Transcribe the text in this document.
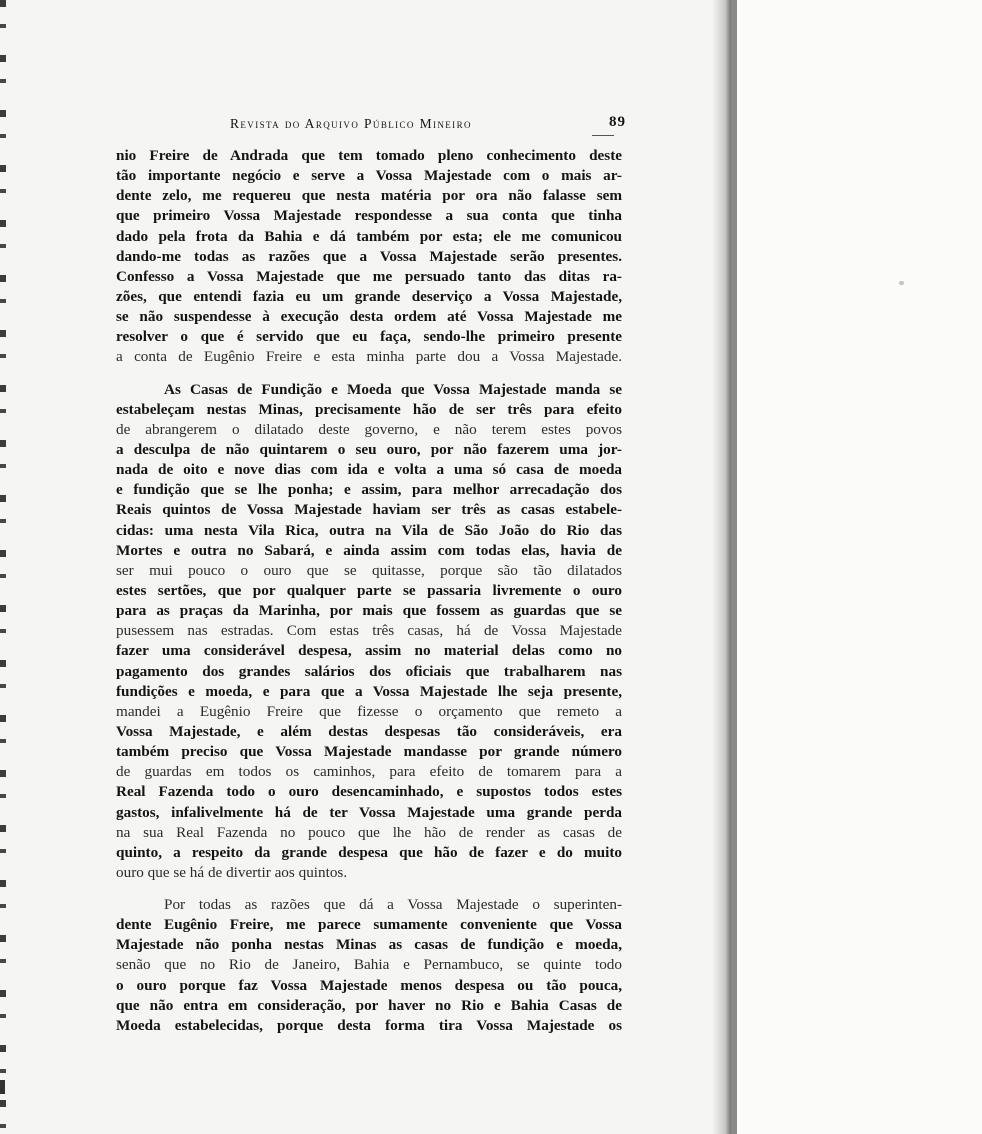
Revista do Arquivo Público Mineiro	89
nio Freire de Andrada que tem tomado pleno conhecimento deste
tão importante negócio e serve a Vossa Majestade com o mais ar-
dente zelo, me requereu que nesta matéria por ora não falasse sem
que primeiro Vossa Majestade respondesse a sua conta que tinha
dado pela frota da Bahia e dá também por esta; ele me comunicou
dando-me todas as razões que a Vossa Majestade serão presentes.
Confesso a Vossa Majestade que me persuado tanto das ditas ra-
zões, que entendi fazia eu um grande deserviço a Vossa Majestade,
se não suspendesse à execução desta ordem até Vossa Majestade me
resolver o que é servido que eu faça, sendo-lhe primeiro presente
a conta de Eugênio Freire e esta minha parte dou a Vossa Majestade.
As Casas de Fundição e Moeda que Vossa Majestade manda se
estabeleçam nestas Minas, precisamente hão de ser três para efeito
de abrangerem o dilatado deste governo, e não terem estes povos
a desculpa de não quintarem o seu ouro, por não fazerem uma jor-
nada de oito e nove dias com ida e volta a uma só casa de moeda
e fundição que se lhe ponha; e assim, para melhor arrecadação dos
Reais quintos de Vossa Majestade haviam ser três as casas estabele-
cidas: uma nesta Vila Rica, outra na Vila de São João do Rio das
Mortes e outra no Sabará, e ainda assim com todas elas, havia de
ser mui pouco o ouro que se quitasse, porque são tão dilatados
estes sertões, que por qualquer parte se passaria livremente o ouro
para as praças da Marinha, por mais que fossem as guardas que se
pusessem nas estradas. Com estas três casas, há de Vossa Majestade
fazer uma considerável despesa, assim no material delas como no
pagamento dos grandes salários dos oficiais que trabalharem nas
fundições e moeda, e para que a Vossa Majestade lhe seja presente,
mandei a Eugênio Freire que fizesse o orçamento que remeto a
Vossa Majestade, e além destas despesas tão consideráveis, era
também preciso que Vossa Majestade mandasse por grande número
de guardas em todos os caminhos, para efeito de tomarem para a
Real Fazenda todo o ouro desencaminhado, e supostos todos estes
gastos, infalivelmente há de ter Vossa Majestade uma grande perda
na sua Real Fazenda no pouco que lhe hão de render as casas de
quinto, a respeito da grande despesa que hão de fazer e do muito
ouro que se há de divertir aos quintos.
Por todas as razões que dá a Vossa Majestade o superinten-
dente Eugênio Freire, me parece sumamente conveniente que Vossa
Majestade não ponha nestas Minas as casas de fundição e moeda,
senão que no Rio de Janeiro, Bahia e Pernambuco, se quinte todo
o ouro porque faz Vossa Majestade menos despesa ou tão pouca,
que não entra em consideração, por haver no Rio e Bahia Casas de
Moeda estabelecidas, porque desta forma tira Vossa Majestade os
